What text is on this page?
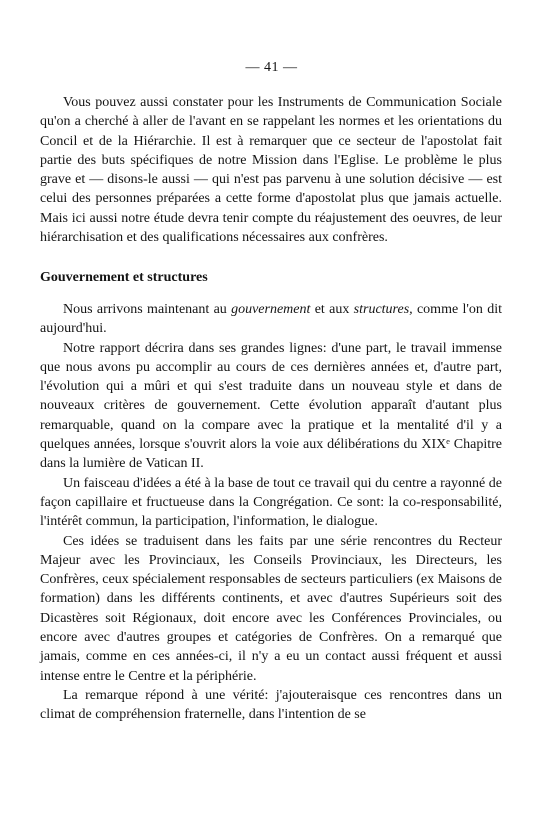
— 41 —

Vous pouvez aussi constater pour les Instruments de Communication Sociale qu'on a cherché à aller de l'avant en se rappelant les normes et les orientations du Concil et de la Hiérarchie. Il est à remarquer que ce secteur de l'apostolat fait partie des buts spécifiques de notre Mission dans l'Eglise. Le problème le plus grave et — disons-le aussi — qui n'est pas parvenu à une solution décisive — est celui des personnes préparées a cette forme d'apostolat plus que jamais actuelle. Mais ici aussi notre étude devra tenir compte du réajustement des oeuvres, de leur hiérarchisation et des qualifications nécessaires aux confrères.

Gouvernement et structures

Nous arrivons maintenant au gouvernement et aux structures, comme l'on dit aujourd'hui.

Notre rapport décrira dans ses grandes lignes: d'une part, le travail immense que nous avons pu accomplir au cours de ces dernières années et, d'autre part, l'évolution qui a mûri et qui s'est traduite dans un nouveau style et dans de nouveaux critères de gouvernement. Cette évolution apparaît d'autant plus remarquable, quand on la compare avec la pratique et la mentalité d'il y a quelques années, lorsque s'ouvrit alors la voie aux délibérations du XIXᵉ Chapitre dans la lumière de Vatican II.

Un faisceau d'idées a été à la base de tout ce travail qui du centre a rayonné de façon capillaire et fructueuse dans la Congrégation. Ce sont: la co-responsabilité, l'intérêt commun, la participation, l'information, le dialogue.

Ces idées se traduisent dans les faits par une série rencontres du Recteur Majeur avec les Provinciaux, les Conseils Provinciaux, les Directeurs, les Confrères, ceux spécialement responsables de secteurs particuliers (ex Maisons de formation) dans les différents continents, et avec d'autres Supérieurs soit des Dicastères soit Régionaux, doit encore avec les Conférences Provinciales, ou encore avec d'autres groupes et catégories de Confrères. On a remarqué que jamais, comme en ces années-ci, il n'y a eu un contact aussi fréquent et aussi intense entre le Centre et la périphérie.

La remarque répond à une vérité: j'ajouteraisque ces rencontres dans un climat de compréhension fraternelle, dans l'intention de se
